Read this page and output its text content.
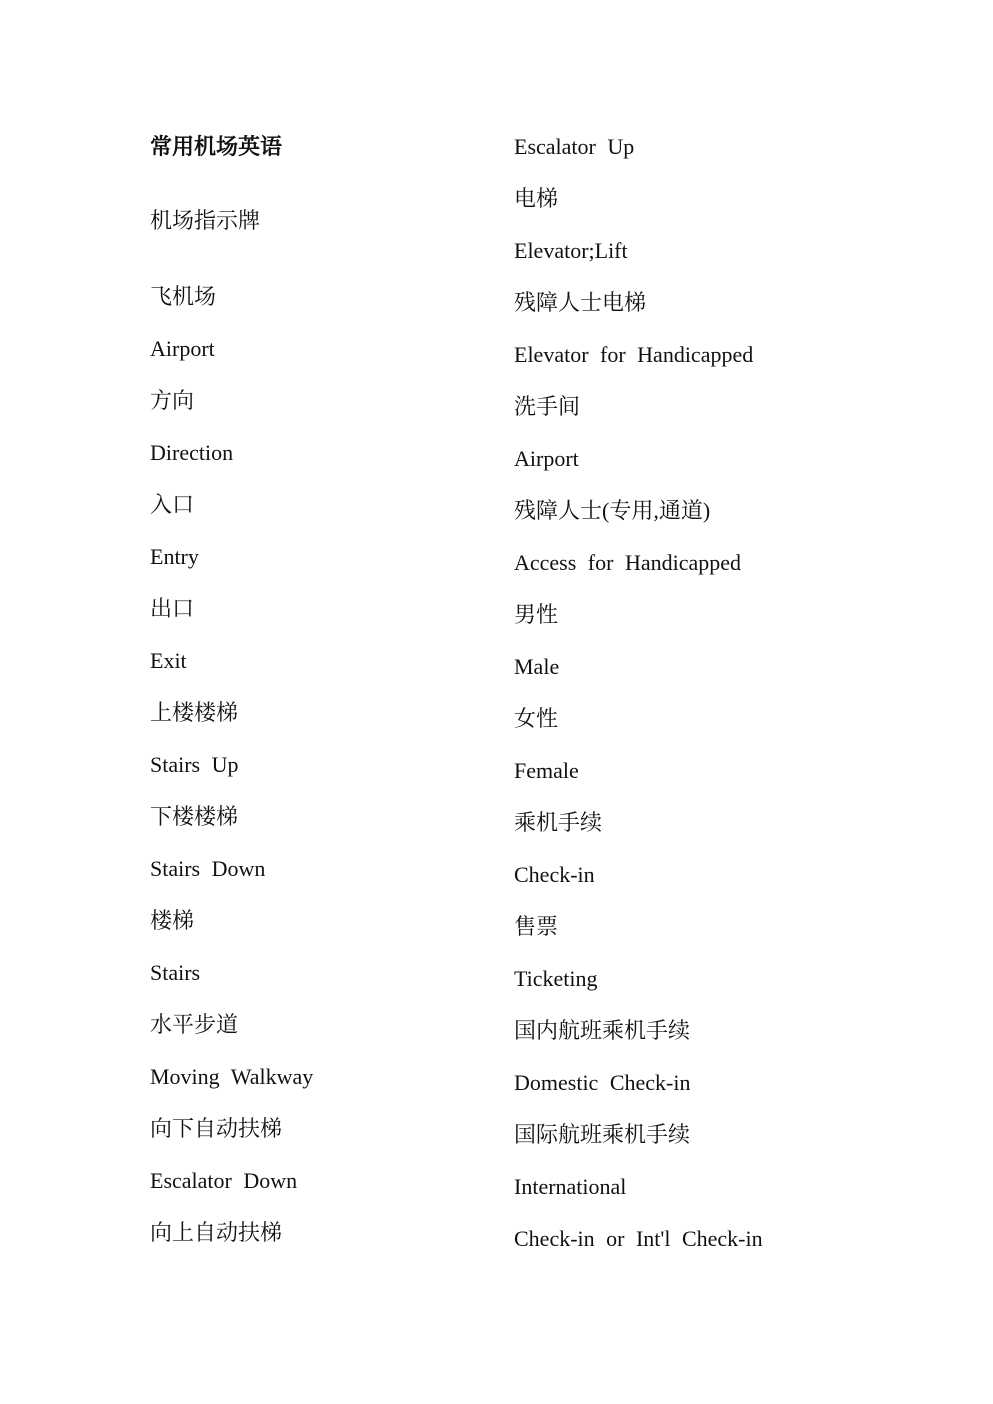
常用机场英语
机场指示牌
飞机场
Airport
方向
Direction
入口
Entry
出口
Exit
上楼楼梯
Stairs Up
下楼楼梯
Stairs Down
楼梯
Stairs
水平步道
Moving Walkway
向下自动扶梯
Escalator Down
向上自动扶梯
Escalator Up
电梯
Elevator;Lift
残障人士电梯
Elevator for Handicapped
洗手间
Airport
残障人士(专用,通道)
Access for Handicapped
男性
Male
女性
Female
乘机手续
Check-in
售票
Ticketing
国内航班乘机手续
Domestic Check-in
国际航班乘机手续
International
Check-in or Int'l Check-in
